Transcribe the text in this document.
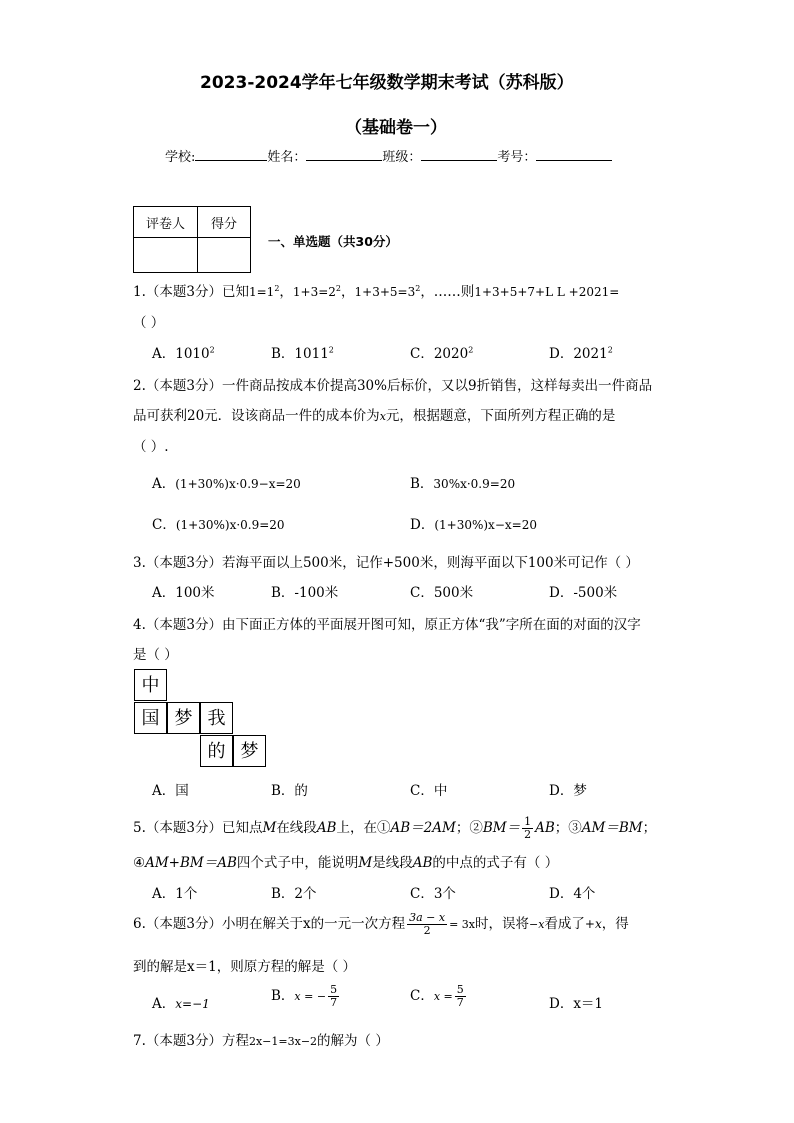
2023-2024学年七年级数学期末考试（苏科版）
（基础卷一）
学校:	姓名：	班级：	考号：
评卷人	得分

一、单选题（共30分）
1.（本题3分）已知$1=1^2$，$1+3=2^2$，$1+3+5=3^2$，……则1+3+5+7+L L +2021=
（ ）
A．1010$^2$	B．1011$^2$	C．2020$^2$	D．2021$^2$
2.（本题3分）一件商品按成本价提高30%后标价，又以9折销售，这样每卖出一件商品
品可获利20元．设该商品一件的成本价为x元，根据题意，下面所列方程正确的是
（ ）.
A．(1+30%)x·0.9−x=20	B．30%x·0.9=20
C．(1+30%)x·0.9=20	D．(1+30%)x−x=20
3.（本题3分）若海平面以上500米，记作+500米，则海平面以下100米可记作（ ）
A．100米	B．-100米	C．500米	D．-500米
4.（本题3分）由下面正方体的平面展开图可知，原正方体“我”字所在面的对面的汉字
是（ ）
中
国 梦 我
的 梦
A．国	B．的	C．中	D．梦
5.（本题3分）已知点M在线段AB上，在①AB＝2AM；②BM＝ $\frac{1}{2}$ AB；③AM＝BM；
④AM+BM＝AB四个式子中，能说明M是线段AB的中点的式子有（ ）
A．1个	B．2个	C．3个	D．4个
6.（本题3分）小明在解关于x的一元一次方程 $\frac{3a - x}{2} = 3x$时，误将−x看成了+x，得
到的解是x＝1，则原方程的解是（ ）
A．x=−1	B．x = − $\frac{5}{7}$	C．$x = \frac{5}{7}$	D．x＝1
7.（本题3分）方程2x−1=3x−2的解为（ ）
